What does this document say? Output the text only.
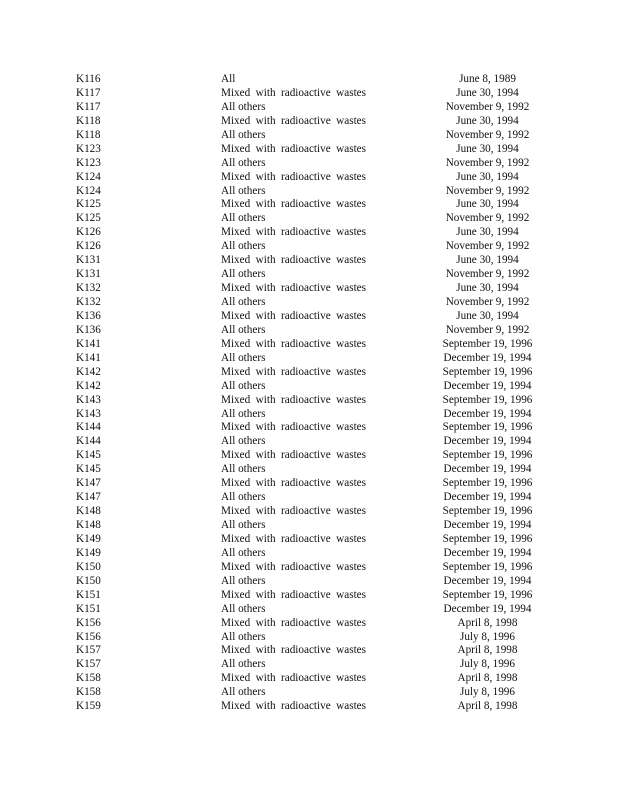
K116	All	June 8, 1989
K117	Mixed with radioactive wastes	June 30, 1994
K117	All others	November 9, 1992
K118	Mixed with radioactive wastes	June 30, 1994
K118	All others	November 9, 1992
K123	Mixed with radioactive wastes	June 30, 1994
K123	All others	November 9, 1992
K124	Mixed with radioactive wastes	June 30, 1994
K124	All others	November 9, 1992
K125	Mixed with radioactive wastes	June 30, 1994
K125	All others	November 9, 1992
K126	Mixed with radioactive wastes	June 30, 1994
K126	All others	November 9, 1992
K131	Mixed with radioactive wastes	June 30, 1994
K131	All others	November 9, 1992
K132	Mixed with radioactive wastes	June 30, 1994
K132	All others	November 9, 1992
K136	Mixed with radioactive wastes	June 30, 1994
K136	All others	November 9, 1992
K141	Mixed with radioactive wastes	September 19, 1996
K141	All others	December 19, 1994
K142	Mixed with radioactive wastes	September 19, 1996
K142	All others	December 19, 1994
K143	Mixed with radioactive wastes	September 19, 1996
K143	All others	December 19, 1994
K144	Mixed with radioactive wastes	September 19, 1996
K144	All others	December 19, 1994
K145	Mixed with radioactive wastes	September 19, 1996
K145	All others	December 19, 1994
K147	Mixed with radioactive wastes	September 19, 1996
K147	All others	December 19, 1994
K148	Mixed with radioactive wastes	September 19, 1996
K148	All others	December 19, 1994
K149	Mixed with radioactive wastes	September 19, 1996
K149	All others	December 19, 1994
K150	Mixed with radioactive wastes	September 19, 1996
K150	All others	December 19, 1994
K151	Mixed with radioactive wastes	September 19, 1996
K151	All others	December 19, 1994
K156	Mixed with radioactive wastes	April 8, 1998
K156	All others	July 8, 1996
K157	Mixed with radioactive wastes	April 8, 1998
K157	All others	July 8, 1996
K158	Mixed with radioactive wastes	April 8, 1998
K158	All others	July 8, 1996
K159	Mixed with radioactive wastes	April 8, 1998
